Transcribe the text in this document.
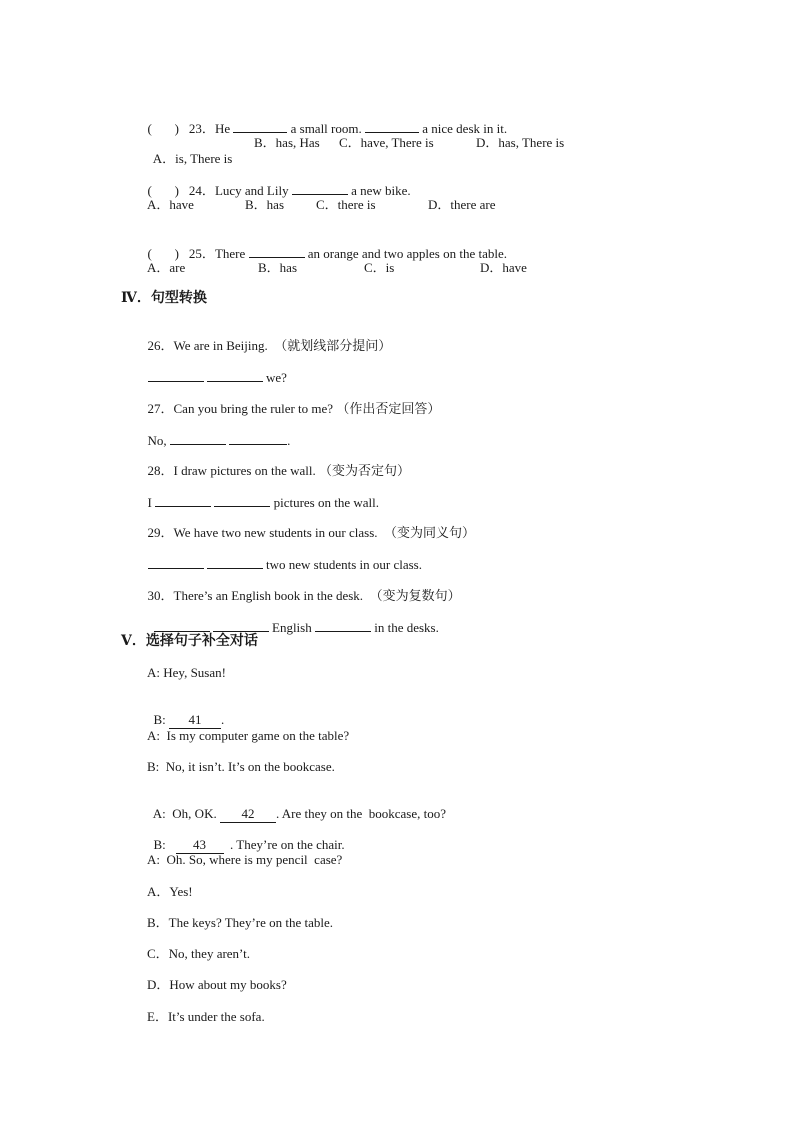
(       ) 23．He	a small room.	a nice desk in it.

A．is, There is

B．has, Has C．have, There is	D．has, There is

(       ) 24．Lucy and Lily	a new bike.

A．have	B．has C．there is	D．there are

(       ) 25．There	an orange and two apples on the table.

A．are	B．has	C．is	D．have
Ⅳ．句型转换

26．We are in Beijing. （就划线部分提问）

we?

27．Can you bring the ruler to me? （作出否定回答）

No,	.

28．I draw pictures on the wall. （变为否定句）

I	pictures on the wall.

29．We have two new students in our class. （变为同义句）

two new students in our class.

30．There’s an English book in the desk. （变为复数句）

English	in the desks.

Ⅴ．选择句子补全对话
A: Hey, Susan!

B: 41 .

A:  Is my computer game on the table?
B:  No, it isn’t. It’s on the bookcase.

A:  Oh, OK. 42 . Are they on the  bookcase, too?

B: 43 . They’re on the chair.

A:  Oh. So, where is my pencil  case?
A．Yes!
B．The keys? They’re on the table.
C．No, they aren’t.
D．How about my books?
E．It’s under the sofa.
